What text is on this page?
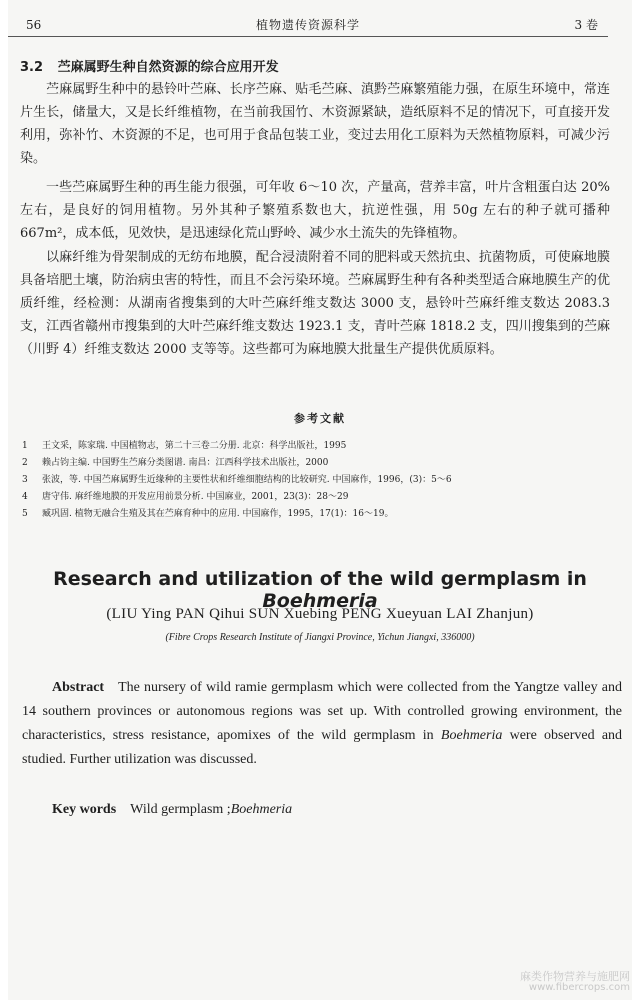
56	植物遗传资源科学	3 卷
3.2 苎麻属野生种自然资源的综合应用开发

苎麻属野生种中的悬铃叶苎麻、长序苎麻、贴毛苎麻、滇黔苎麻繁殖能力强，在原生环境中，常连片生长，储量大，又是长纤维植物，在当前我国竹、木资源紧缺，造纸原料不足的情况下，可直接开发利用，弥补竹、木资源的不足，也可用于食品包装工业，变过去用化工原料为天然植物原料，可减少污染。

一些苎麻属野生种的再生能力很强，可年收 6～10 次，产量高，营养丰富，叶片含粗蛋白达 20%左右，是良好的饲用植物。另外其种子繁殖系数也大，抗逆性强，用 50g 左右的种子就可播种 667m²，成本低，见效快，是迅速绿化荒山野岭、减少水土流失的先锋植物。

以麻纤维为骨架制成的无纺布地膜，配合浸渍附着不同的肥料或天然抗虫、抗菌物质，可使麻地膜具备培肥土壤，防治病虫害的特性，而且不会污染环境。苎麻属野生种有各种类型适合麻地膜生产的优质纤维，经检测：从湖南省搜集到的大叶苎麻纤维支数达 3000 支，悬铃叶苎麻纤维支数达 2083.3 支，江西省赣州市搜集到的大叶苎麻纤维支数达 1923.1 支，青叶苎麻 1818.2 支，四川搜集到的苎麻（川野 4）纤维支数达 2000 支等等。这些都可为麻地膜大批量生产提供优质原料。

参考文献
1 王文采，陈家瑞. 中国植物志，第二十三卷二分册. 北京：科学出版社，1995
2 赖占钧主编. 中国野生苎麻分类图谱. 南昌：江西科学技术出版社，2000
3 张波，等. 中国苎麻属野生近缘种的主要性状和纤维细胞结构的比较研究. 中国麻作，1996，(3)：5～6
4 唐守伟. 麻纤维地膜的开发应用前景分析. 中国麻业，2001，23(3)：28～29
5 臧巩固. 植物无融合生殖及其在苎麻育种中的应用. 中国麻作，1995，17(1)：16～19。
Research and utilization of the wild germplasm in Boehmeria
(LIU Ying PAN Qihui SUN Xuebing PENG Xueyuan LAI Zhanjun)
(Fibre Crops Research Institute of Jiangxi Province, Yichun Jiangxi, 336000)

Abstract The nursery of wild ramie germplasm which were collected from the Yangtze valley and 14 southern provinces or autonomous regions was set up. With controlled growing environment, the characteristics, stress resistance, apomixes of the wild germplasm in Boehmeria were observed and studied. Further utilization was discussed.

Key words Wild germplasm ;Boehmeria
麻类作物营养与施肥网
www.fibercrops.com
